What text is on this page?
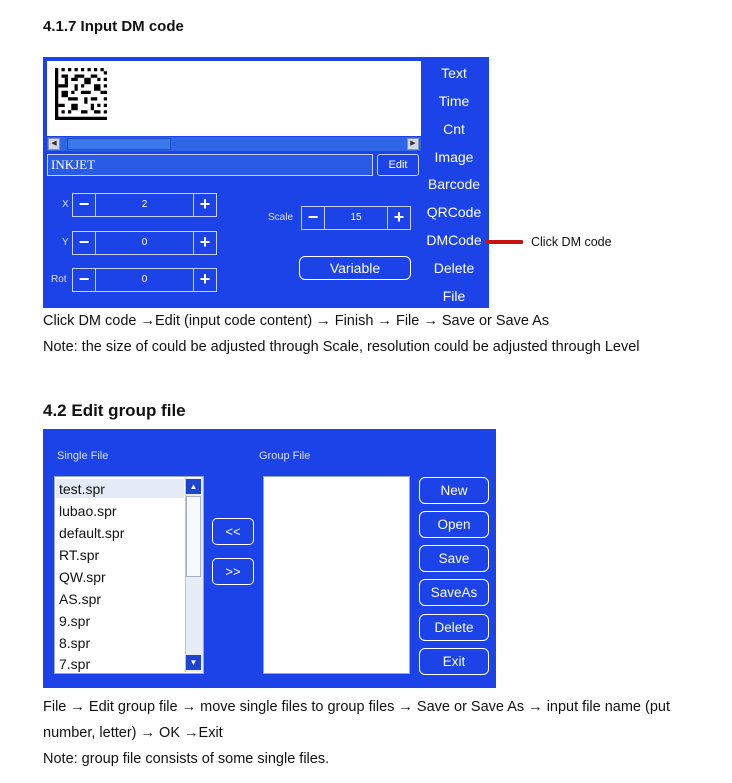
4.1.7 Input DM code
◀	▶
INKJET	Edit
Text
Time
Cnt
Image
Barcode
QRCode
DMCode
Delete
File
X −	2	+
Y −	0	+
Rot −	0	+
Scale −	15	+
Variable
Click DM code
Click DM code →Edit (input code content) → Finish → File → Save or Save As
Note: the size of could be adjusted through Scale, resolution could be adjusted through Level
4.2 Edit group file
Single File	Group File
test.spr
lubao.spr
default.spr
RT.spr
QW.spr
AS.spr
9.spr
8.spr
7.spr
▲
▼
<<
>>
New
Open
Save
SaveAs
Delete
Exit
File → Edit group file → move single files to group files → Save or Save As → input file name (put
number, letter) → OK →Exit
Note: group file consists of some single files.
